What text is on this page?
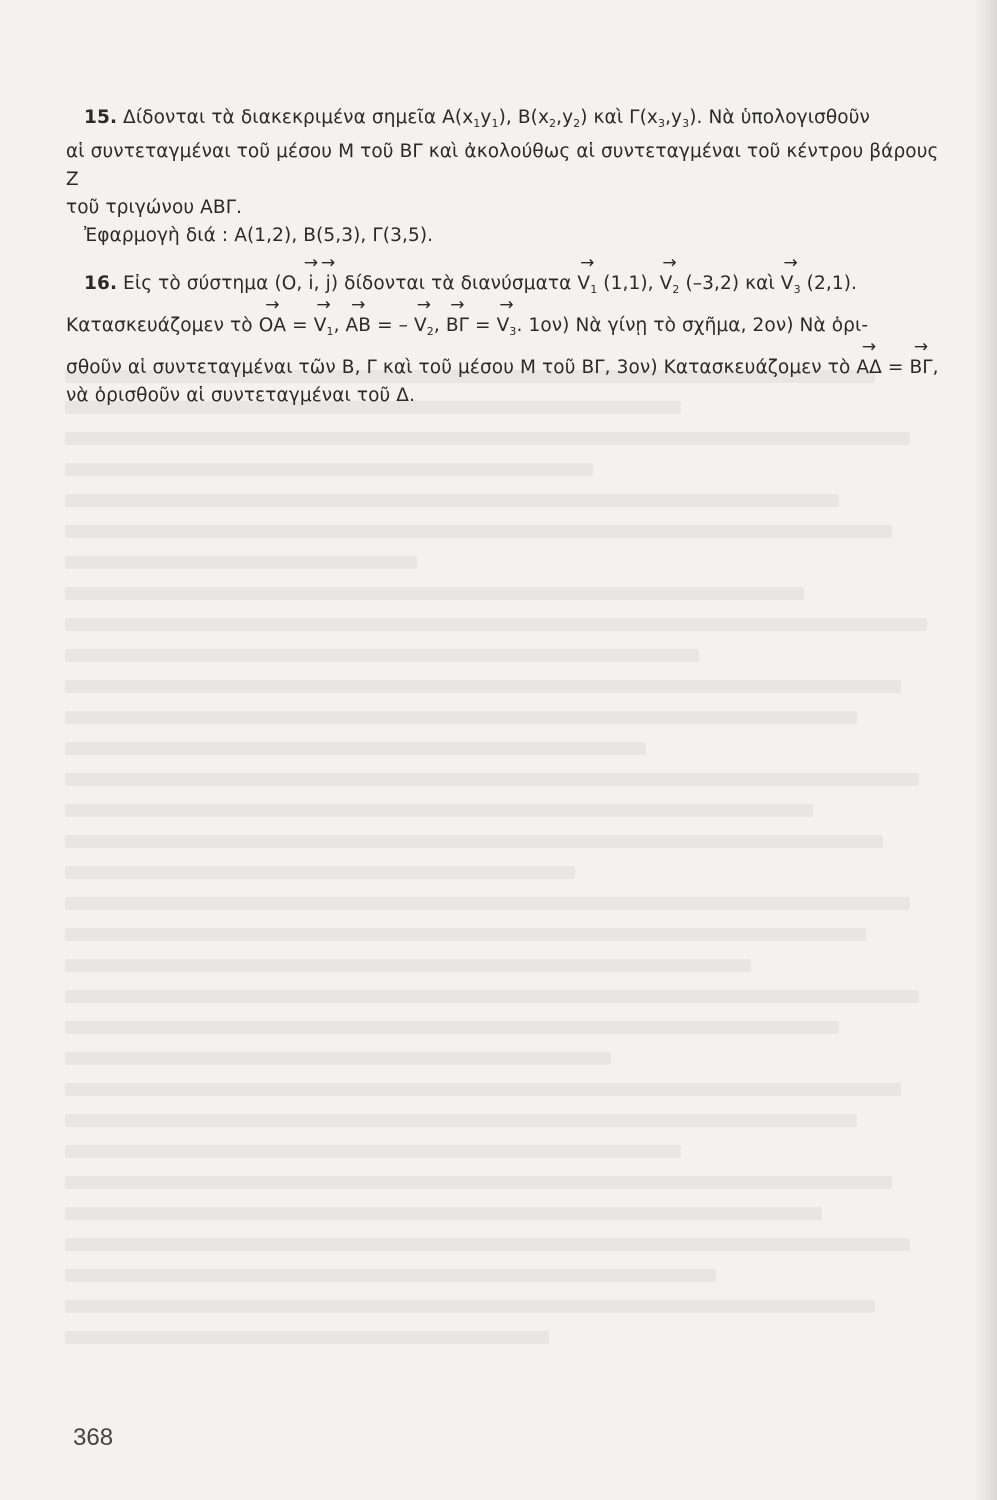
15. Δίδονται τὰ διακεκριμένα σημεῖα $A(x_1y_1)$, $B(x_2,y_2)$ καὶ $\Gamma(x_3,y_3)$. Νὰ ὑπολογισθοῦν

αἱ συντεταγμέναι τοῦ μέσου Μ τοῦ ΒΓ καὶ ἀκολούθως αἱ συντεταγμέναι τοῦ κέντρου βάρους Ζ

τοῦ τριγώνου ΑΒΓ.

Ἐφαρμογὴ διά : Α(1,2), Β(5,3), Γ(3,5).

16. Εἰς τὸ σύστημα (Ο, → i, → j) δίδονται τὰ $\delta\iota\alpha\nu ύ\sigma\mu\alpha\tau\alpha \to V_1$ (1,1), → $V_2$ (–3,2) καὶ → $V_3$ (2,1).

Κατασκευάζομεν τὸ → ΟΑ = → $V_1$, → ΑΒ = – → $V_2$, → ΒΓ = → $V_3$. 1ον) Νὰ γίνῃ τὸ σχῆμα, 2ον) Νὰ ὁρι-

σθοῦν αἱ συντεταγμέναι τῶν Β, Γ καὶ τοῦ μέσου Μ τοῦ ΒΓ, 3ον) Κατασκευάζομεν τὸ → ΑΔ = → ΒΓ,

νὰ ὁρισθοῦν αἱ συντεταγμέναι τοῦ Δ.

368
